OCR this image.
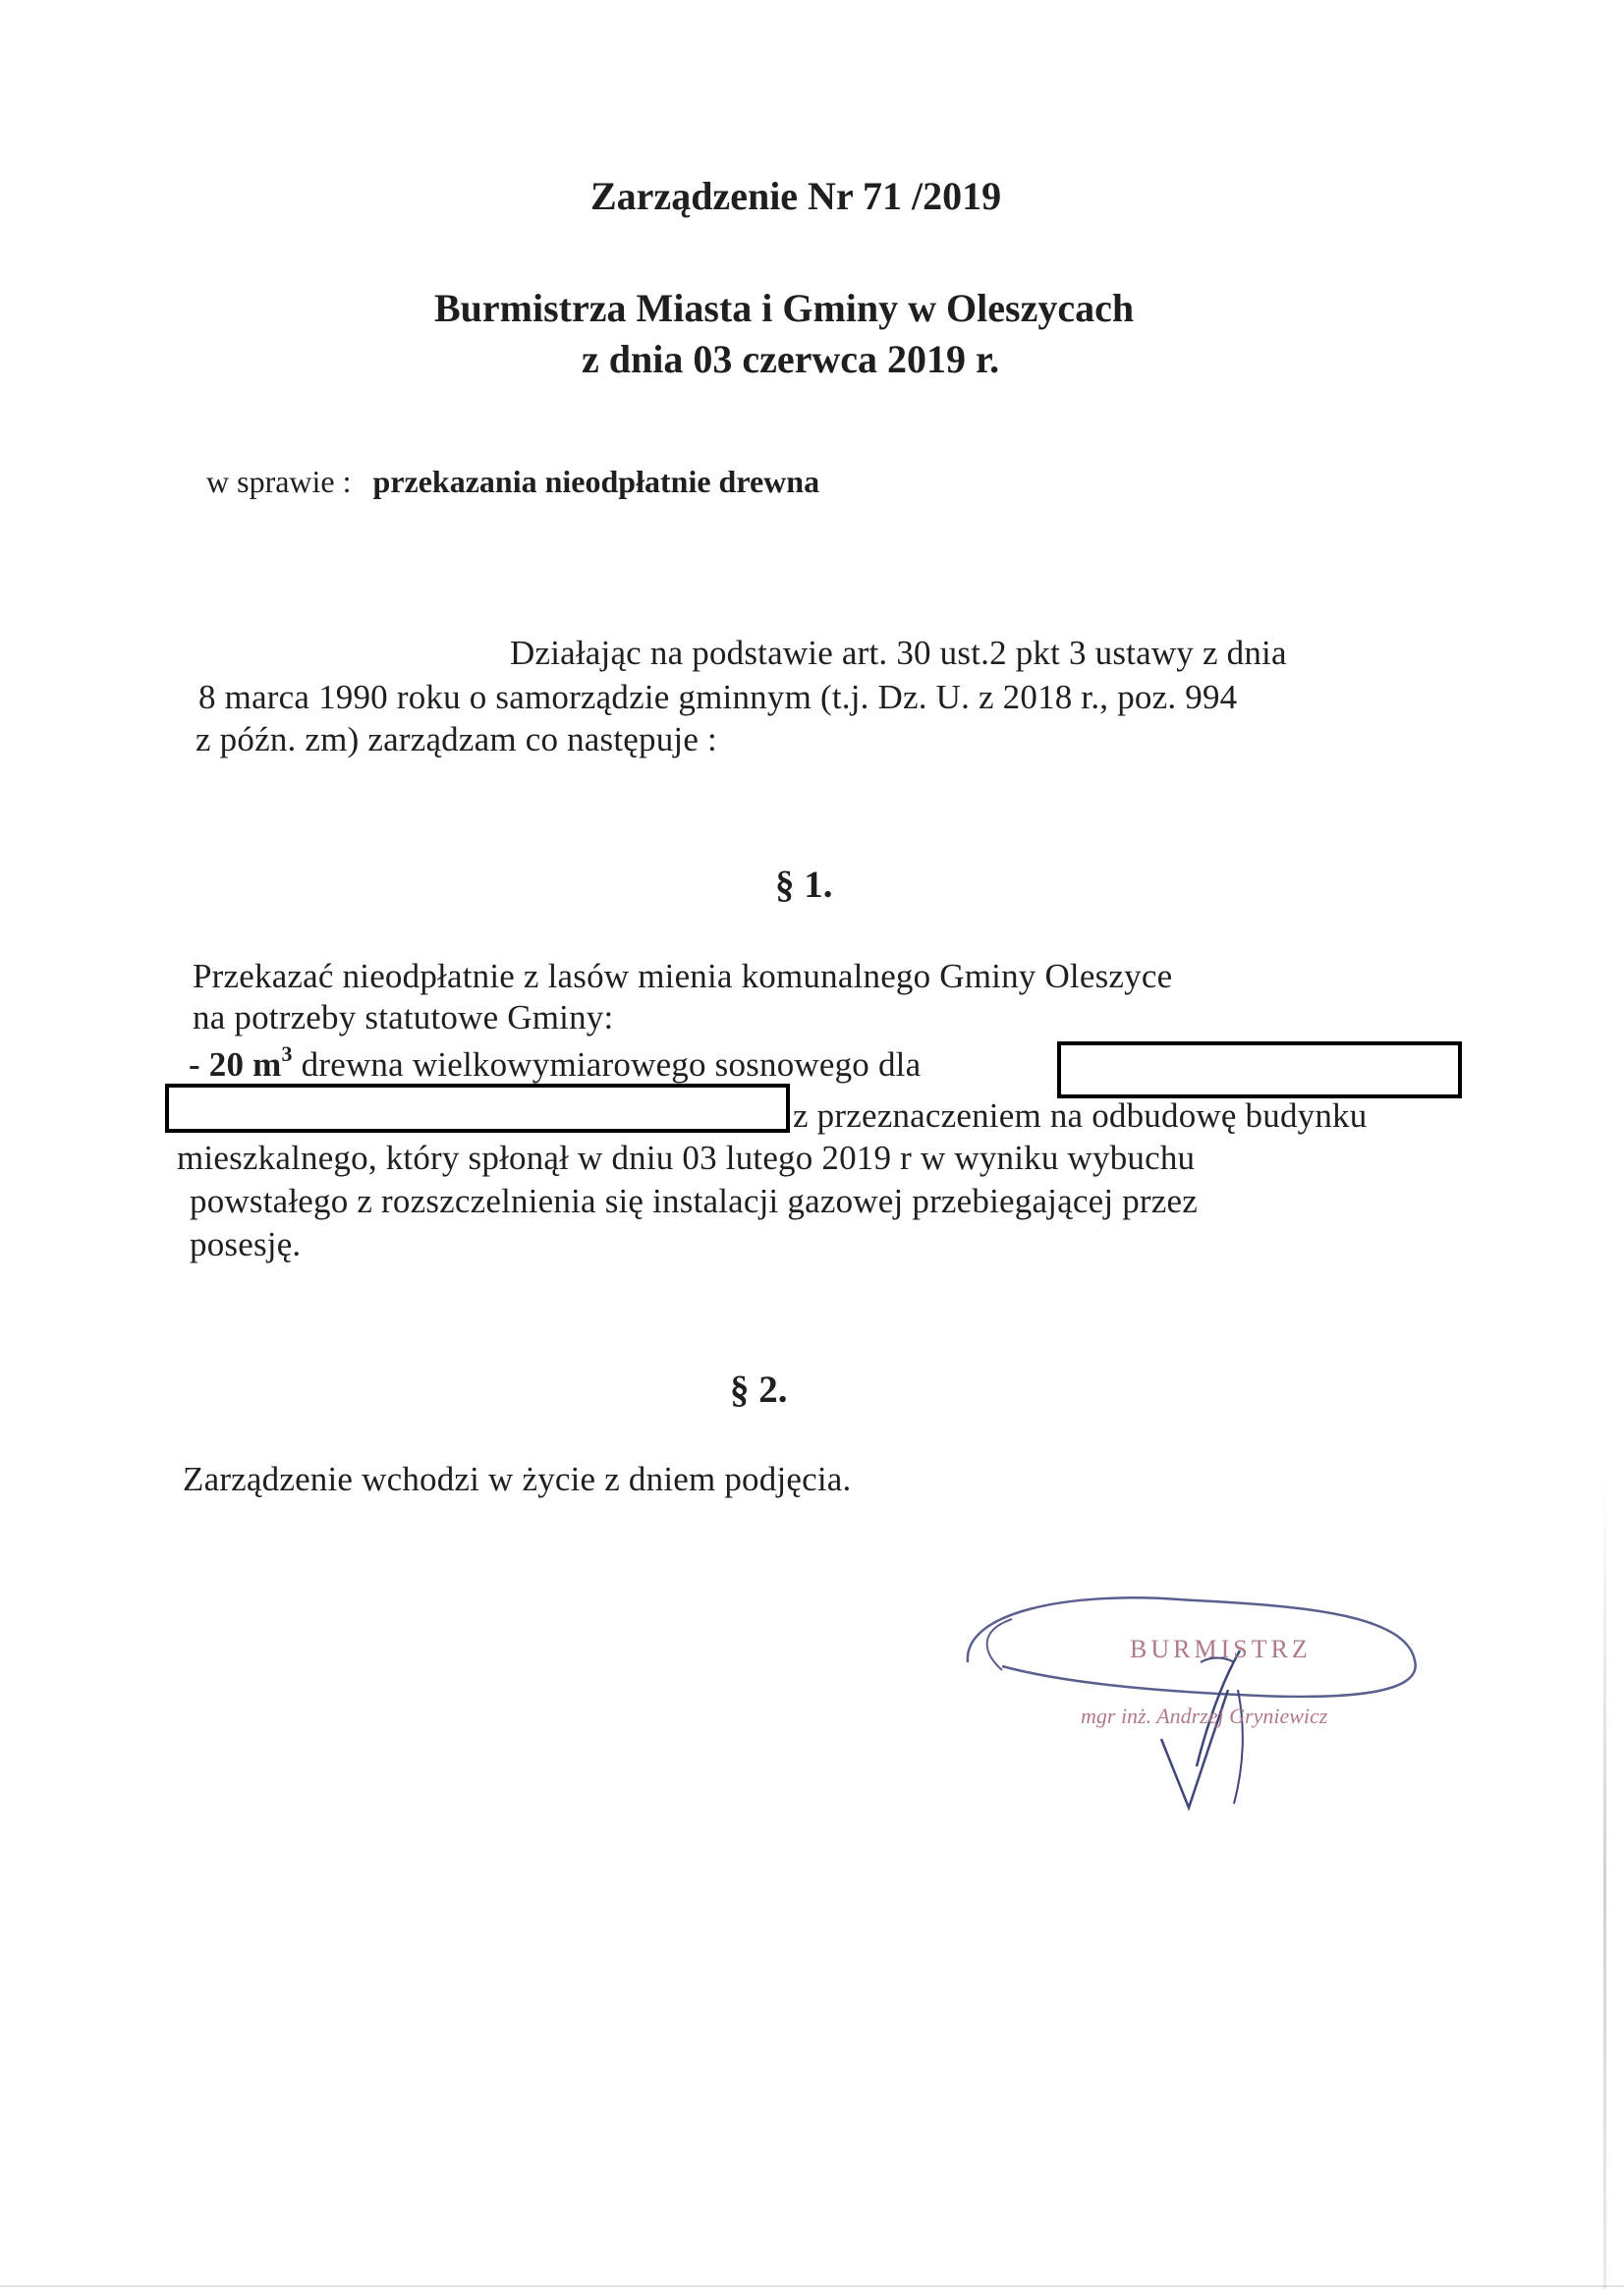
Zarządzenie Nr 71 /2019
Burmistrza Miasta i Gminy w Oleszycach
z dnia 03 czerwca 2019 r.
w sprawie : przekazania nieodpłatnie drewna
Działając na podstawie art. 30 ust.2 pkt 3 ustawy z dnia
8 marca 1990 roku o samorządzie gminnym (t.j. Dz. U. z 2018 r., poz. 994
z późn. zm) zarządzam co następuje :
§ 1.
Przekazać nieodpłatnie z lasów mienia komunalnego Gminy Oleszyce
na potrzeby statutowe Gminy:
- 20 $m^3$ drewna wielkowymiarowego sosnowego dla
z przeznaczeniem na odbudowę budynku
mieszkalnego, który spłonął w dniu 03 lutego 2019 r w wyniku wybuchu
powstałego z rozszczelnienia się instalacji gazowej przebiegającej przez
posesję.
§ 2.
Zarządzenie wchodzi w życie z dniem podjęcia.
BURMISTRZ
mgr inż. Andrzej Gryniewicz
